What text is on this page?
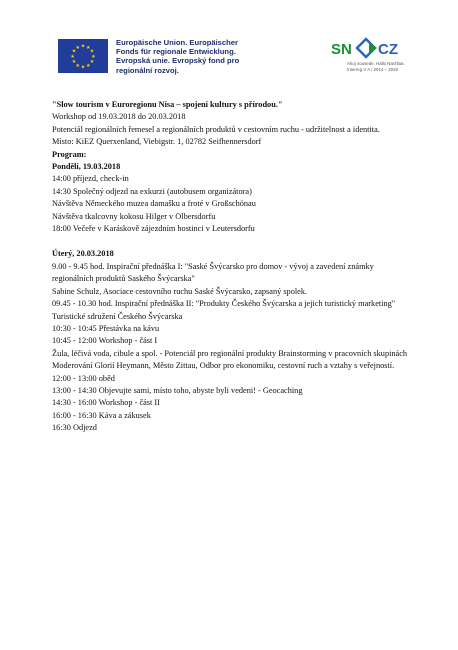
★ ★
★
★
★
★
★
★
★
★
★
★
Europäische Union. Europäischer
Fonds für regionale Entwicklung.
Evropská unie. Evropský fond pro
regionální rozvoj.
SN CZ
Ahoj sousede. Hallo Nachbar.
Interreg V A / 2014 – 2020
"Slow tourism v Euroregionu Nisa – spojení kultury s přírodou."
Workshop od 19.03.2018 do 20.03.2018
Potenciál regionálních řemesel a regionálních produktů v cestovním ruchu - udržitelnost a identita.
Místo: KiEZ Querxenland, Viebigstr. 1, 02782 Seifhennersdorf
Program:
Pondělí, 19.03.2018
14:00 příjezd, check-in
14:30 Společný odjezd na exkurzi (autobusem organizátora)
Návštěva Německého muzea damašku a froté v Großschönau
Návštěva tkalcovny kokosu Hilger v Olbersdorfu
18:00 Večeře v Karáskově zájezdním hostinci v Leutersdorfu
Úterý, 20.03.2018
9.00 - 9.45 hod. Inspirační přednáška I: "Saské Švýcarsko pro domov - vývoj a zavedení známky regionálních produktů Saského Švýcarska"
Sabine Schulz, Asociace cestovního ruchu Saské Švýcarsko, zapsaný spolek.
09.45 - 10.30 hod. Inspirační přednáška II: "Produkty Českého Švýcarska a jejich turistický marketing" Turistické sdružení Českého Švýcarska
10:30 - 10:45 Přestávka na kávu
10:45 - 12:00 Workshop - část I
Žula, léčivá voda, cibule a spol. - Potenciál pro regionální produkty Brainstorming v pracovních skupinách
Moderování Glorií Heymann, Město Zittau, Odbor pro ekonomiku, cestovní ruch a vztahy s veřejností.
12:00 - 13:00 oběd
13:00 - 14:30 Objevujte sami, místo toho, abyste byli vedeni! - Geocaching
14:30 - 16:00 Workshop - část II
16:00 - 16:30 Káva a zákusek
16:30 Odjezd
